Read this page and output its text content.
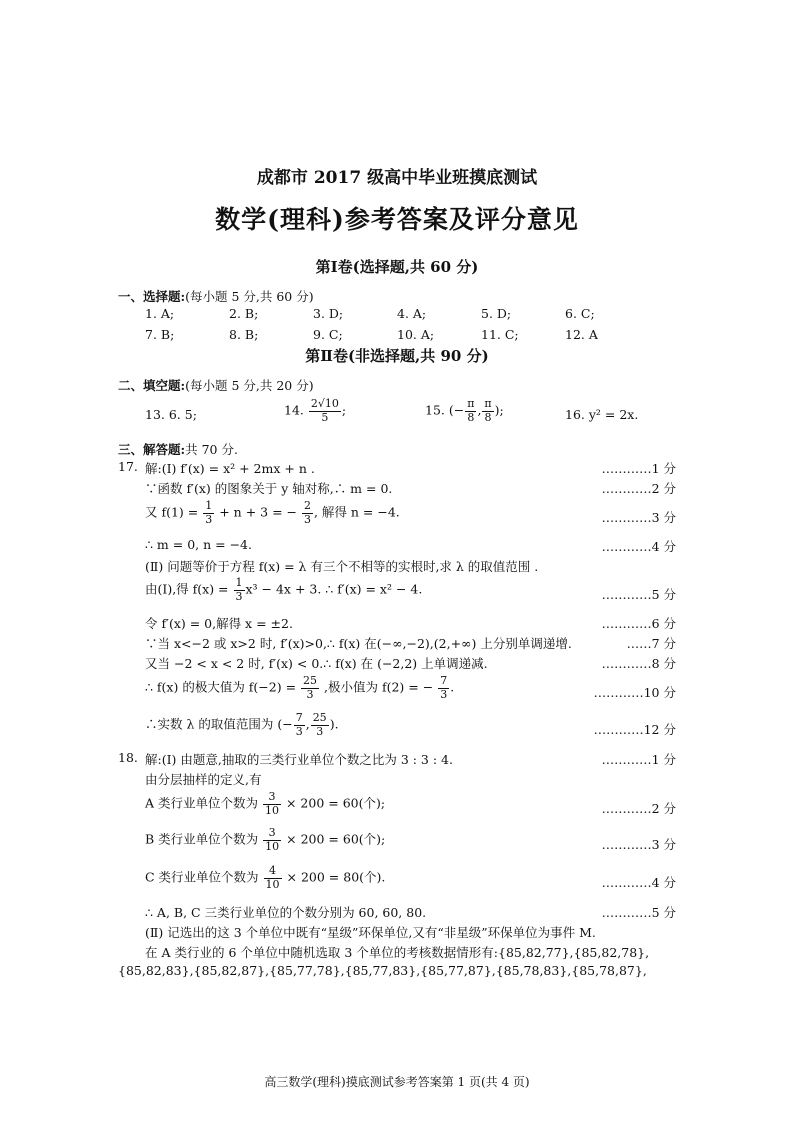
成都市 2017 级高中毕业班摸底测试
数学(理科)参考答案及评分意见
第Ⅰ卷(选择题,共 60 分)
一、选择题:(每小题 5 分,共 60 分)
1. A;	2. B;	3. D;	4. A;	5. D;	6. C;
7. B;	8. B;	9. C;	10. A;	11. C;	12. A
第Ⅱ卷(非选择题,共 90 分)
二、填空题:(每小题 5 分,共 20 分)
13. 6. 5;	14. $\frac{2√10}{5}$ ;	15. (− $\frac{\pi}{8}$ , $\frac{\pi}{8}$ );	16. y² = 2x.
三、解答题:共 70 分.
17. 解:(Ⅰ) f′(x) = x² + 2mx + n .	…………1 分
∵函数 f′(x) 的图象关于 y 轴对称,∴ m = 0.	…………2 分
又 $f(1) = \frac{1}{3} + n + 3$ = − $\frac{2}{3}$ , 解得 n = −4.	…………3 分
∴ m = 0, n = −4.	…………4 分
(Ⅱ) 问题等价于方程 f(x) = λ 有三个不相等的实根时,求 λ 的取值范围 .
由(Ⅰ),得 $f(x) = \frac{1}{3} x^3 - 4x + 3$. ∴ f′(x) = x² − 4.	…………5 分
令 f′(x) = 0,解得 x = ±2.	…………6 分
∵当 x<−2 或 x>2 时, f′(x)>0,∴ f(x) 在(−∞,−2),(2,+∞) 上分别单调递增.	……7 分
又当 −2 < x < 2 时, f′(x) < 0.∴ f(x) 在 (−2,2) 上单调递减.	…………8 分
∴ f(x) 的极大值为 $f(-2) = \frac{25}{3}$ ,极小值为 f(2) = − $\frac{7}{3}$ .	…………10 分
∴实数 λ 的取值范围为 (− $\frac{7}{3}$ , $\frac{25}{3}$ ).	…………12 分
18. 解:(Ⅰ) 由题意,抽取的三类行业单位个数之比为 3 : 3 : 4.	…………1 分
由分层抽样的定义,有
A 类行业单位个数为 $\frac{3}{10} \times 200 = 60$(个);	…………2 分
B 类行业单位个数为 $\frac{3}{10} \times 200 = 60$(个);	…………3 分
C 类行业单位个数为 $\frac{4}{10} \times 200 = 80$(个).	…………4 分
∴ A, B, C 三类行业单位的个数分别为 60, 60, 80.	…………5 分
(Ⅱ) 记选出的这 3 个单位中既有“星级”环保单位,又有“非星级”环保单位为事件 M.
在 A 类行业的 6 个单位中随机选取 3 个单位的考核数据情形有:{85,82,77},{85,82,78},
{85,82,83},{85,82,87},{85,77,78},{85,77,83},{85,77,87},{85,78,83},{85,78,87},
高三数学(理科)摸底测试参考答案第 1 页(共 4 页)
